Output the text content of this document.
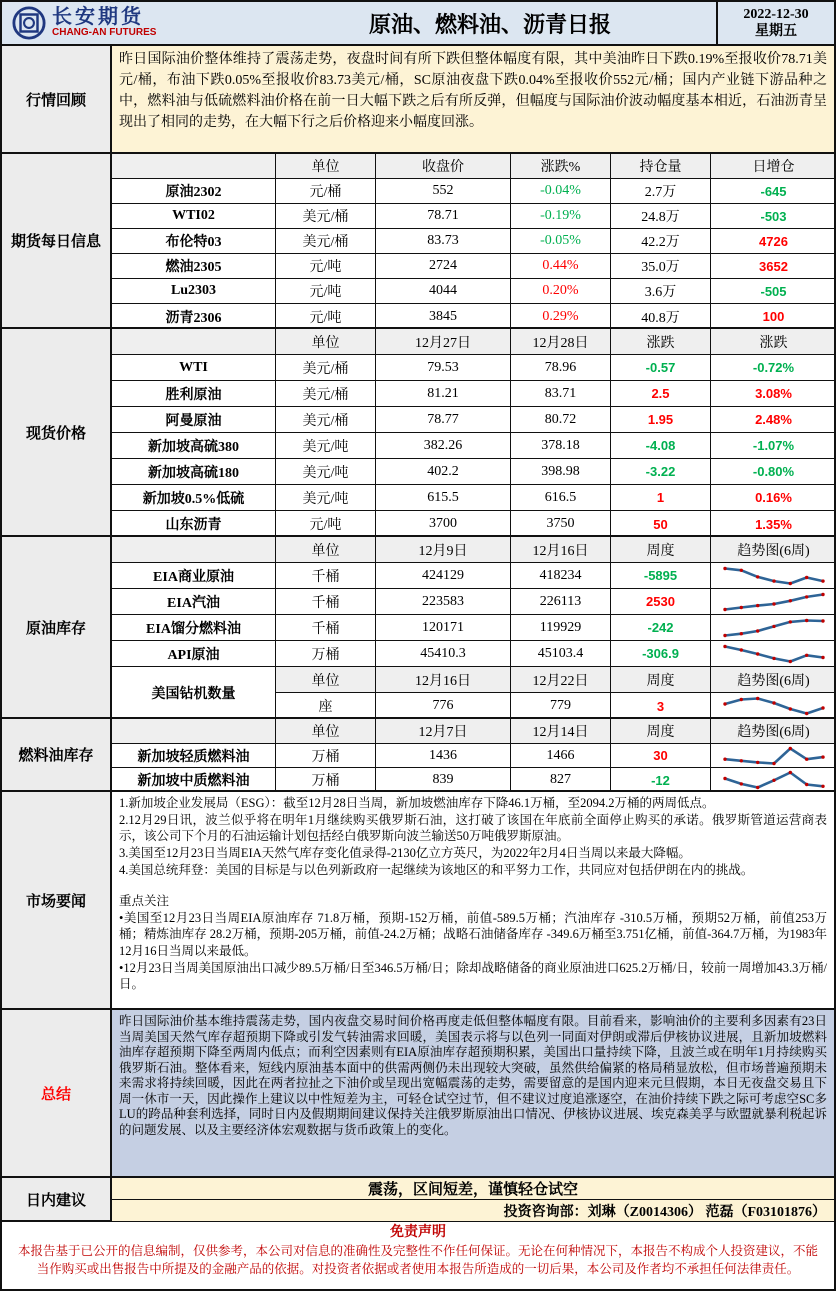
长安期货
CHANG-AN FUTURES	原油、燃料油、沥青日报	2022-12-30
星期五
行情回顾
昨日国际油价整体维持了震荡走势，夜盘时间有所下跌但整体幅度有限，其中美油昨日下跌0.19%至报收价78.71美元/桶，布油下跌0.05%至报收价83.73美元/桶，SC原油夜盘下跌0.04%至报收价552元/桶；国内产业链下游品种之中，燃料油与低硫燃料油价格在前一日大幅下跌之后有所反弹，但幅度与国际油价波动幅度基本相近，石油沥青呈现出了相同的走势，在大幅下行之后价格迎来小幅度回涨。
期货每日信息
单位	收盘价	涨跌%	持仓量	日增仓
原油2302	元/桶	552	-0.04%	2.7万	-645
WTI02	美元/桶	78.71	-0.19%	24.8万	-503
布伦特03	美元/桶	83.73	-0.05%	42.2万	4726
燃油2305	元/吨	2724	0.44%	35.0万	3652
Lu2303	元/吨	4044	0.20%	3.6万	-505
沥青2306	元/吨	3845	0.29%	40.8万	100
现货价格
单位	12月27日	12月28日	涨跌	涨跌
WTI	美元/桶	79.53	78.96	-0.57	-0.72%
胜利原油	美元/桶	81.21	83.71	2.5	3.08%
阿曼原油	美元/桶	78.77	80.72	1.95	2.48%
新加坡高硫380	美元/吨	382.26	378.18	-4.08	-1.07%
新加坡高硫180	美元/吨	402.2	398.98	-3.22	-0.80%
新加坡0.5%低硫	美元/吨	615.5	616.5	1	0.16%
山东沥青	元/吨	3700	3750	50	1.35%
原油库存
单位	12月9日	12月16日	周度	趋势图(6周)
EIA商业原油	千桶	424129	418234	-5895
EIA汽油	千桶	223583	226113	2530
EIA馏分燃料油	千桶	120171	119929	-242
API原油	万桶	45410.3	45103.4	-306.9
美国钻机数量
单位	12月16日	12月22日	周度	趋势图(6周)
座	776	779	3
燃料油库存
单位	12月7日	12月14日	周度	趋势图(6周)
新加坡轻质燃料油	万桶	1436	1466	30
新加坡中质燃料油	万桶	839	827	-12
市场要闻
1.新加坡企业发展局（ESG）：截至12月28日当周，新加坡燃油库存下降46.1万桶，至2094.2万桶的两周低点。
2.12月29日讯，波兰似乎将在明年1月继续购买俄罗斯石油，这打破了该国在年底前全面停止购买的承诺。俄罗斯管道运营商表示，该公司下个月的石油运输计划包括经白俄罗斯向波兰输送50万吨俄罗斯原油。
3.美国至12月23日当周EIA天然气库存变化值录得-2130亿立方英尺，为2022年2月4日当周以来最大降幅。
4.美国总统拜登：美国的目标是与以色列新政府一起继续为该地区的和平努力工作，共同应对包括伊朗在内的挑战。
重点关注
•美国至12月23日当周EIA原油库存 71.8万桶，预期-152万桶，前值-589.5万桶；汽油库存 -310.5万桶，预期52万桶，前值253万桶；精炼油库存 28.2万桶，预期-205万桶，前值-24.2万桶；战略石油储备库存 -349.6万桶至3.751亿桶，前值-364.7万桶，为1983年12月16日当周以来最低。
•12月23日当周美国原油出口减少89.5万桶/日至346.5万桶/日；除却战略储备的商业原油进口625.2万桶/日，较前一周增加43.3万桶/日。
总结
昨日国际油价基本维持震荡走势，国内夜盘交易时间价格再度走低但整体幅度有限。目前看来，影响油价的主要利多因素有23日当周美国天然气库存超预期下降或引发气转油需求回暖，美国表示将与以色列一同面对伊朗或滞后伊核协议进展，且新加坡燃料油库存超预期下降至两周内低点；而利空因素则有EIA原油库存超预期积累，美国出口量持续下降，且波兰或在明年1月持续购买俄罗斯石油。整体看来，短线内原油基本面中的供需两侧仍未出现较大突破，虽然供给偏紧的格局稍显放松，但市场普遍预期未来需求将持续回暖，因此在两者拉扯之下油价或呈现出宽幅震荡的走势，需要留意的是国内迎来元旦假期，本日无夜盘交易且下周一休市一天，因此操作上建议以中性短差为主，可轻仓试空过节，但不建议过度追涨逐空，在油价持续下跌之际可考虑空SC多LU的跨品种套利选择，同时日内及假期期间建议保持关注俄罗斯原油出口情况、伊核协议进展、埃克森美孚与欧盟就暴利税起诉的问题发展、以及主要经济体宏观数据与货币政策上的变化。
日内建议
震荡，区间短差，谨慎轻仓试空
投资咨询部：刘琳（Z0014306） 范磊（F03101876）
免责声明
本报告基于已公开的信息编制，仅供参考，本公司对信息的准确性及完整性不作任何保证。无论在何种情况下，本报告不构成个人投资建议，不能当作购买或出售报告中所提及的金融产品的依据。对投资者依据或者使用本报告所造成的一切后果，本公司及作者均不承担任何法律责任。
